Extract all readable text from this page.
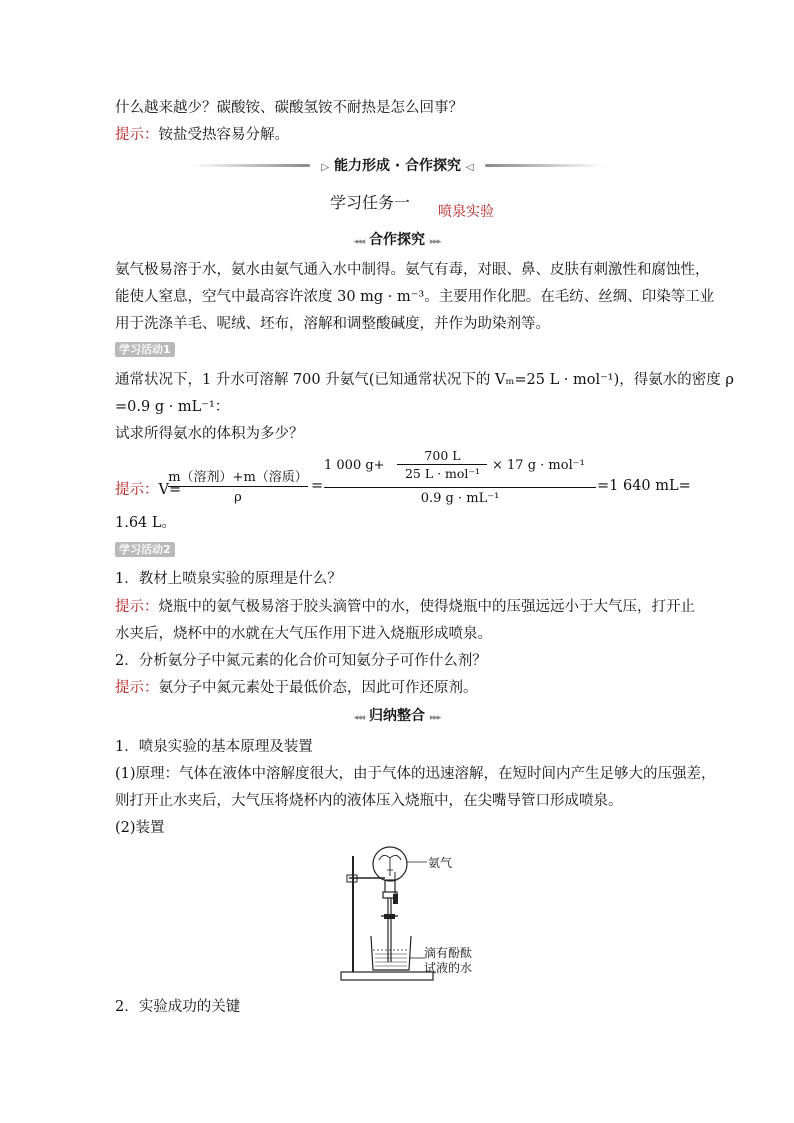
什么越来越少？碳酸铵、碳酸氢铵不耐热是怎么回事？
提示：铵盐受热容易分解。
▷ 能力形成 · 合作探究 ◁
学习任务一 喷泉实验
◂◂◂ 合作探究 ▸▸▸
氨气极易溶于水，氨水由氨气通入水中制得。氨气有毒，对眼、鼻、皮肤有刺激性和腐蚀性，
能使人窒息，空气中最高容许浓度 30 mg · m⁻³。主要用作化肥。在毛纺、丝绸、印染等工业
用于洗涤羊毛、呢绒、坯布，溶解和调整酸碱度，并作为助染剂等。
学习活动1
通常状况下，1 升水可溶解 700 升氨气(已知通常状况下的 Vₘ=25 L · mol⁻¹)，得氨水的密度 ρ
=0.9 g · mL⁻¹：
试求所得氨水的体积为多少？
提示：V=
m（溶剂）+m（溶质）
ρ
=
1 000 g+
700 L
25 L · mol⁻¹
× 17 g · mol⁻¹
0.9 g · mL⁻¹
=1 640 mL=
1.64 L。
学习活动2
1．教材上喷泉实验的原理是什么？
提示：烧瓶中的氨气极易溶于胶头滴管中的水，使得烧瓶中的压强远远小于大气压，打开止
水夹后，烧杯中的水就在大气压作用下进入烧瓶形成喷泉。
2．分析氨分子中氮元素的化合价可知氨分子可作什么剂？
提示：氨分子中氮元素处于最低价态，因此可作还原剂。
◂◂◂ 归纳整合 ▸▸▸
1．喷泉实验的基本原理及装置
(1)原理：气体在液体中溶解度很大，由于气体的迅速溶解，在短时间内产生足够大的压强差，
则打开止水夹后，大气压将烧杯内的液体压入烧瓶中，在尖嘴导管口形成喷泉。
(2)装置
氨气
滴有酚酞
试液的水
2．实验成功的关键
